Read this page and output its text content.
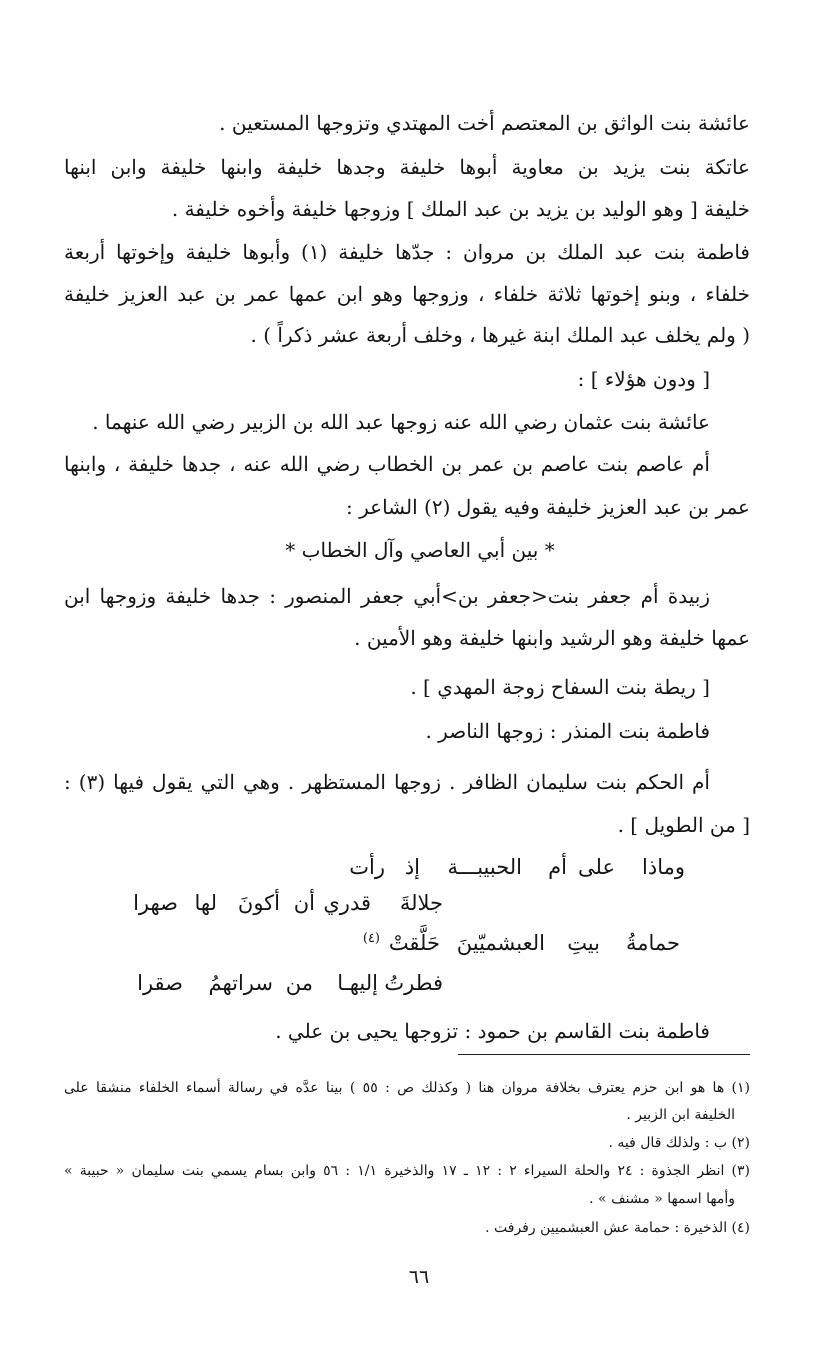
عائشة بنت الواثق بن المعتصم أخت المهتدي وتزوجها المستعين .
عاتكة بنت يزيد بن معاوية أبوها خليفة وجدها خليفة وابنها خليفة وابن ابنها
خليفة [ وهو الوليد بن يزيد بن عبد الملك ] وزوجها خليفة وأخوه خليفة .
فاطمة بنت عبد الملك بن مروان : جدّها خليفة (١) وأبوها خليفة وإخوتها أربعة
خلفاء ، وبنو إخوتها ثلاثة خلفاء ، وزوجها وهو ابن عمها عمر بن عبد العزيز خليفة
( ولم يخلف عبد الملك ابنة غيرها ، وخلف أربعة عشر ذكراً ) .
[ ودون هؤلاء ] :
عائشة بنت عثمان رضي الله عنه زوجها عبد الله بن الزبير رضي الله عنهما .
أم عاصم بنت عاصم بن عمر بن الخطاب رضي الله عنه ، جدها خليفة ، وابنها
عمر بن عبد العزيز خليفة وفيه يقول (٢) الشاعر :
* بين أبي العاصي وآل الخطاب *
زبيدة أم جعفر بنت<جعفر بن>أبي جعفر المنصور : جدها خليفة وزوجها ابن
عمها خليفة وهو الرشيد وابنها خليفة وهو الأمين .
[ ريطة بنت السفاح زوجة المهدي ] .
فاطمة بنت المنذر : زوجها الناصر .
أم الحكم بنت سليمان الظافر . زوجها المستظهر . وهي التي يقول فيها (٣) :
[ من الطويل ] .
وماذا
على
أم
الحبيبـــة
إذ
رأت
جلالةَ
قدري
أن
أكونَ
لها
صهرا
حمامةُ
بيتِ
العبشميّينَ
حَلَّقتْ
(٤)
فطرتُ
إليهـا
من
سراتهمُ
صقرا
فاطمة بنت القاسم بن حمود : تزوجها يحيى بن علي .
(١) ها هو ابن حزم يعترف بخلافة مروان هنا ( وكذلك ص : ٥٥ ) بينا عدَّه في رسالة أسماء الخلفاء منشقا على
الخليفة ابن الزبير .
(٢) ب : ولذلك قال فيه .
(٣) انظر الجذوة : ٢٤ والحلة السيراء ٢ : ١٢ ـ ١٧ والذخيرة ١/١ : ٥٦ وابن بسام يسمي بنت سليمان « حبيبة »
وأمها اسمها « مشنف » .
(٤) الذخيرة : حمامة عش العبشميين رفرفت .
٦٦
